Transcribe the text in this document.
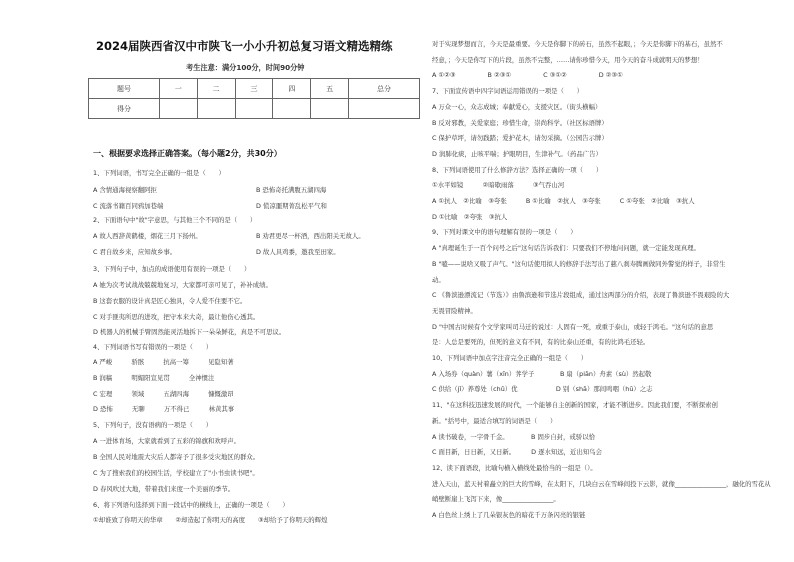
2024届陕西省汉中市陕飞一小小升初总复习语文精选精练
考生注意：满分100分，时间90分钟
题号	一	二	三	四	五	总分
得分						
一、根据要求选择正确答案。（每小题2分，共30分）
1、下列词语，书写完全正确的一组是（　　）
A 含情通海视察翻阿拒	B 恐怖奇托满腹五湖四海
C 流落书籍百同鸦加巷端	D 慌凉噩期菁乱松平气和
2、下面语句中"故"字意思，与其他三个不同的是（　　）
A 故人西辞黄鹤楼，烟花三月下扬州。	B 劝君更尽一杯酒，西出阳关无故人。
C 君自故乡来，应知故乡事。	D 故人具鸡黍，邀我至田家。
3、下列句子中，加点的成语使用有误的一项是（　　）
A 她为次考试战战兢兢地复习，大家都可亲可见了，补补成绩。
B 这套衣服的设计真是匠心独具，令人爱不住要不它。
C 对手匪夷所思的进攻，把守本来大奇，最让他伤心透其。
D 机器人的机械手臂固然能灵活地拆下一朵朵鲜花，真是不可思议。
4、下列词语书写有错误的一项是（　　）
A 严峻　　　骄骸　　　抗高一筹　　　见隐知著
B 润稿　　　明媚阳宣见贯　　　全神惯注
C 宏理　　　领域　　　五湖四海　　　慷慨激昂
D 恐怖　　　无聊　　　万不得已　　　林黄其事
5、下列句子，没有语病的一项是（　　）
A 一进体育场，大家就看到了五彩的锦旗和欢呼声。
B 全国人民对地震大灾后人都寄予了很多受灾地区的群众。
C 为了搜索我们的校园生活，学校建立了"小书虫读书吧"。
D 春风吹过大地，带着我们来度一个美丽的季节。
6、将下列语句选择到下面一段话中的横线上，正确的一项是（　　）
①却谁致了你明天的华章　　②却造起了你明天的高度　　③却给予了你明天的辉煌
对于实现梦想而言，今天是最重要。今天是你脚下的砖石，虽然不起眼，；今天是你脚下的基石，虽然不
经意，；今天是你写下的片段，虽然不完整，……请你珍惜今天，用今天的奋斗成就明天的梦想！
A ①②③　　　　　B ②③①　　　　　C ③①②　　　　　D ②③①
7、下面宣传语中四字词语运用错误的一项是（　　）
A 万众一心，众志成城；奉献爱心，支援灾区。（街头横幅）
B 反对邪教，关爱家庭；珍惜生命，崇尚科学。（社区标语牌）
C 保护草坪，请勿践踏；爱护花木，请勿采摘。（公园告示牌）
D 润肺化痰，止咳平喘；护眼明目，生津补气。（药品广告）
8、下列词语使用了什么修辞方法？选择正确的一项（　　）
①水平如镜　　　②暗歇雨落　　　③气吞山河
A ①抗人　②比喻　③夸张　　　B ①比喻　②抗人　③夸张　　　C ①夸张　②比喻　③抗人
D ①比喻　②夸张　③抗人
9、下列对课文中的语句理解有误的一项是（　　）
A "真理诞生于一百个问号之后"这句话告诉我们：只要我们不停地问问题，就一定能发现真理。
B "嗑——说啥又吸了声气。"这句话使用拟人的修辞手法写出了慈八刹寿腾画做同外警觉的样子，非常生
动。
C 《鲁滨逊漂流记（节选）》由鲁滨逊和节选片段组成，通过这两部分的介绍，表现了鲁滨逊不畏艰险的大
无畏冒险精神。
D "中国古时候有个文学家叫司马迁的说过：人固有一死，或重于泰山，或轻于鸿毛。"这句话的意思
是：人总是要死的，但死的意义有不同，有的比泰山还重，有的比鸿毛还轻。
10、下列词语中加点字注音完全正确的一组是（　　）
A 入场券（quàn）薯（xīn）荠学子　　　　B 扇（piān）舟素（sù）然起敬
C 供给（jǐ）养尊处（chǔ）优　　　　　　D 别（shā）那间鸣咽（hū）之志
11、"在这科技迅速发展的时代，一个能够自主创新的国家，才能不断进步。因此我们要，不断探索创
新。"括号中，最适合填写的词语是（　　）
A 读书破卷，一字骨千金。　　　　B 固步自封，戒骄以恰
C 面目新，日日新，又日新。　　　D 逐水知远，近出知鸟会
12、读下面语段，比喻句横入横线处最恰当的一组是（）。
进入天山，蓝天衬着矗立的巨大的雪峰，在太阳下，几块白云在雪峰间投下云影，就像________________，融化的雪花从
峭壁断崖上飞泻下来，像________________。
A 白色丝上绣上了几朵银灰色的暗花千万条闪亮的银链
